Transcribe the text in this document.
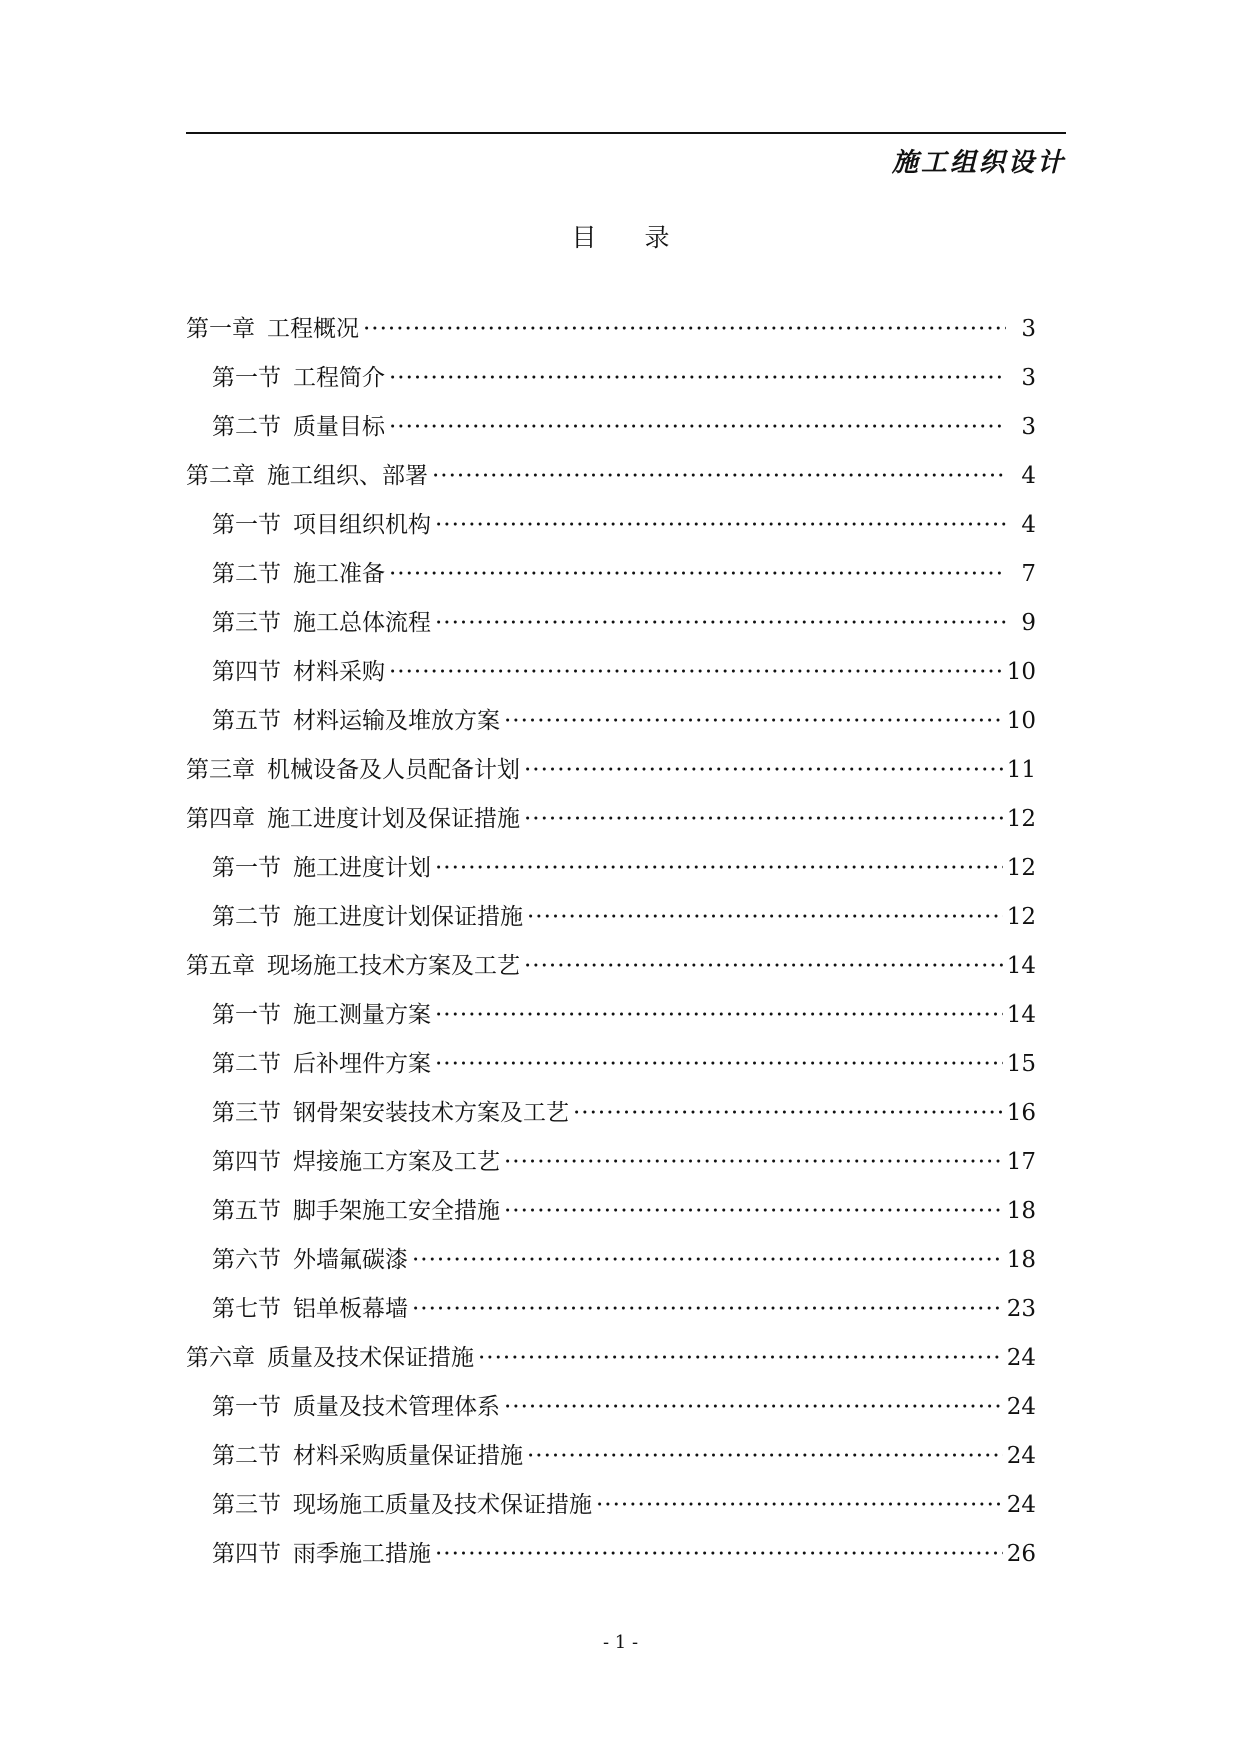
施工组织设计
目 录
第一章 工程概况 ·····	3
第一节 工程简介 ·····	3
第二节 质量目标 ·····	3
第二章 施工组织、部署 ·····	4
第一节 项目组织机构 ·····	4
第二节 施工准备 ·····	7
第三节 施工总体流程 ·····	9
第四节 材料采购 ·····	10
第五节 材料运输及堆放方案 ·····	10
第三章 机械设备及人员配备计划 ·····	11
第四章 施工进度计划及保证措施 ·····	12
第一节 施工进度计划 ·····	12
第二节 施工进度计划保证措施 ·····	12
第五章 现场施工技术方案及工艺 ·····	14
第一节 施工测量方案 ·····	14
第二节 后补埋件方案 ·····	15
第三节 钢骨架安装技术方案及工艺 ·····	16
第四节 焊接施工方案及工艺 ·····	17
第五节 脚手架施工安全措施 ·····	18
第六节 外墙氟碳漆 ·····	18
第七节 铝单板幕墙 ·····	23
第六章 质量及技术保证措施 ·····	24
第一节 质量及技术管理体系 ·····	24
第二节 材料采购质量保证措施 ·····	24
第三节 现场施工质量及技术保证措施 ·····	24
第四节 雨季施工措施 ·····	26
- 1 -
